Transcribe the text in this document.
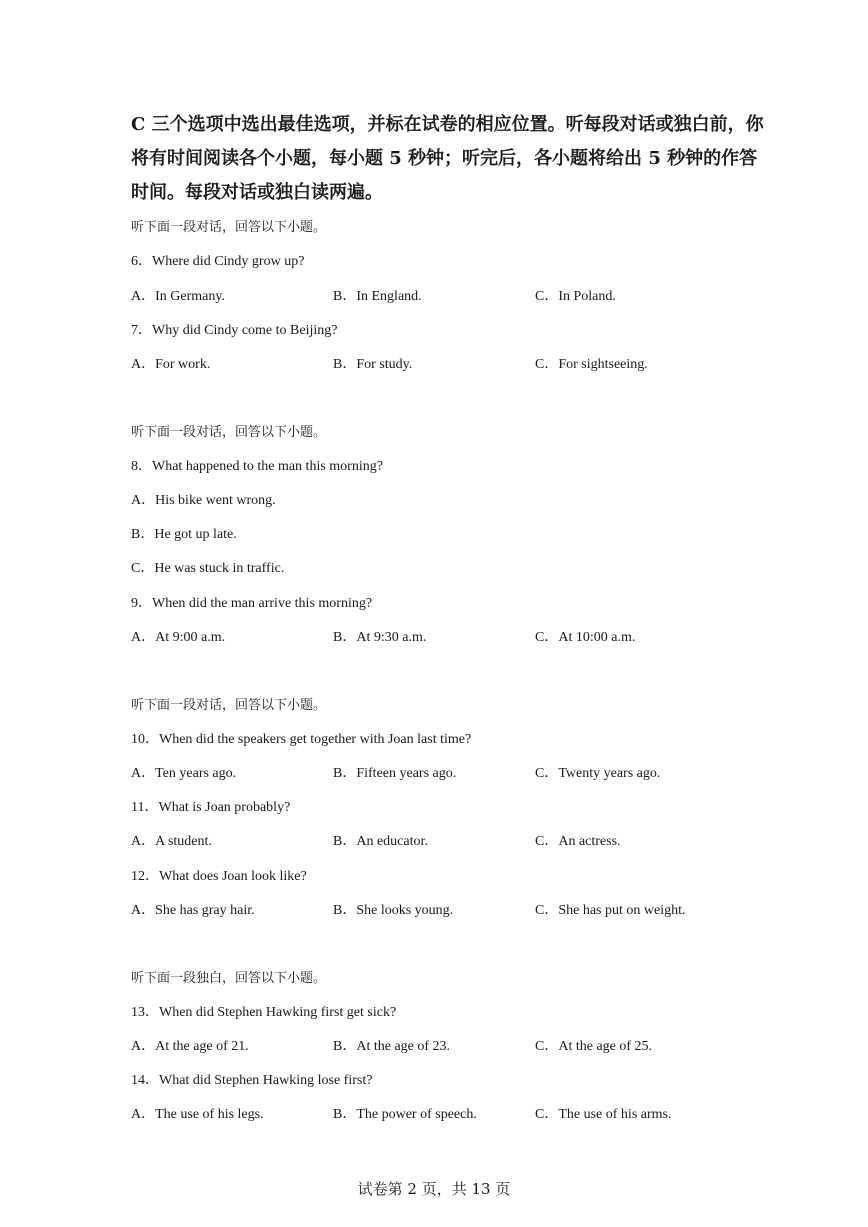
C 三个选项中选出最佳选项，并标在试卷的相应位置。听每段对话或独白前，你
将有时间阅读各个小题，每小题 5 秒钟；听完后，各小题将给出 5 秒钟的作答
时间。每段对话或独白读两遍。
听下面一段对话，回答以下小题。
6．Where did Cindy grow up?
A．In Germany.	B．In England.	C．In Poland.
7．Why did Cindy come to Beijing?
A．For work.	B．For study.	C．For sightseeing.
听下面一段对话，回答以下小题。
8．What happened to the man this morning?
A．His bike went wrong.
B．He got up late.
C．He was stuck in traffic.
9．When did the man arrive this morning?
A．At 9:00 a.m.	B．At 9:30 a.m.	C．At 10:00 a.m.
听下面一段对话，回答以下小题。
10．When did the speakers get together with Joan last time?
A．Ten years ago.	B．Fifteen years ago.	C．Twenty years ago.
11．What is Joan probably?
A．A student.	B．An educator.	C．An actress.
12．What does Joan look like?
A．She has gray hair.	B．She looks young.	C．She has put on weight.
听下面一段独白，回答以下小题。
13．When did Stephen Hawking first get sick?
A．At the age of 21.	B．At the age of 23.	C．At the age of 25.
14．What did Stephen Hawking lose first?
A．The use of his legs.	B．The power of speech.	C．The use of his arms.
试卷第 2 页，共 13 页
